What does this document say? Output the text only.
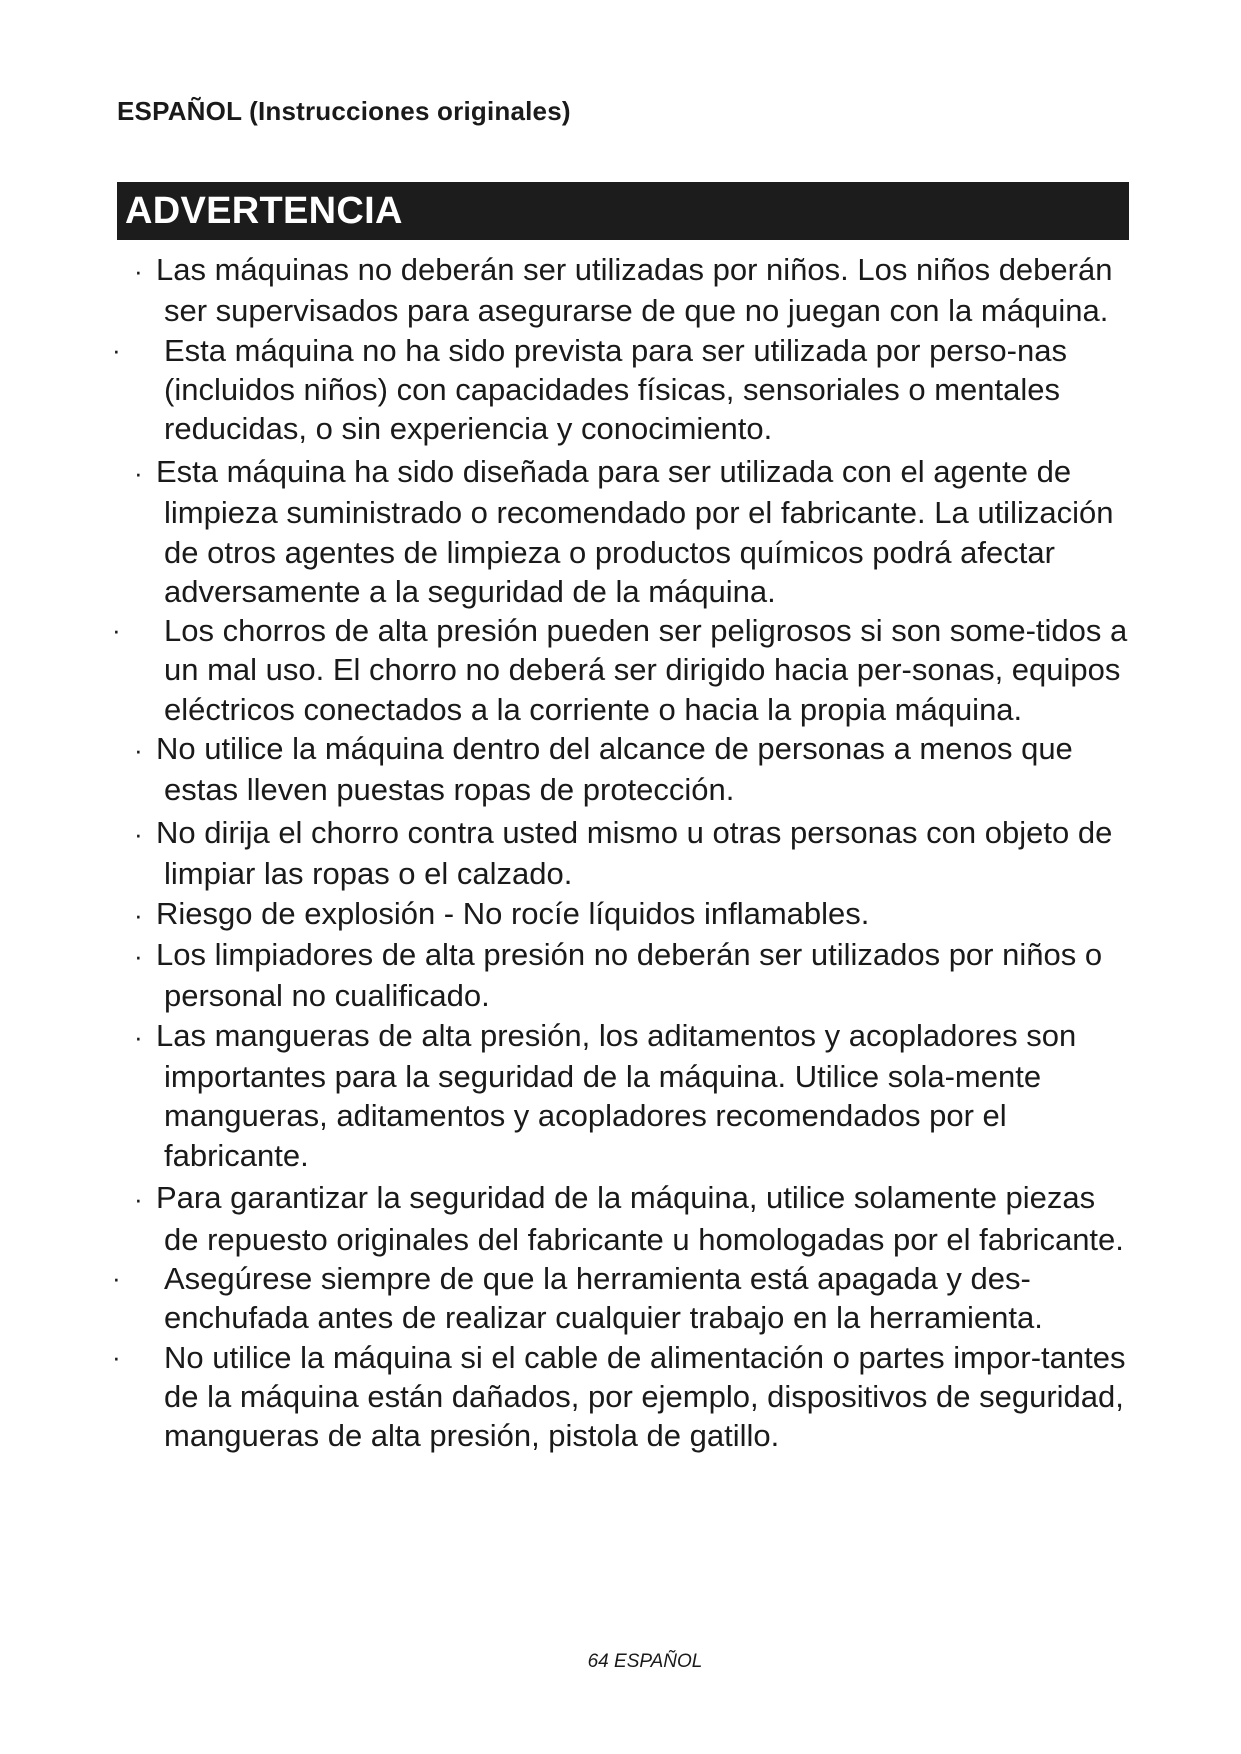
ESPAÑOL (Instrucciones originales)
ADVERTENCIA
· Las máquinas no deberán ser utilizadas por niños. Los niños deberán ser supervisados para asegurarse de que no juegan con la máquina.
·	Esta máquina no ha sido prevista para ser utilizada por perso-nas (incluidos niños) con capacidades físicas, sensoriales o mentales reducidas, o sin experiencia y conocimiento.
· Esta máquina ha sido diseñada para ser utilizada con el agente de limpieza suministrado o recomendado por el fabricante. La utilización de otros agentes de limpieza o productos químicos podrá afectar adversamente a la seguridad de la máquina.
·	Los chorros de alta presión pueden ser peligrosos si son some-tidos a un mal uso. El chorro no deberá ser dirigido hacia per-sonas, equipos eléctricos conectados a la corriente o hacia la propia máquina.
· No utilice la máquina dentro del alcance de personas a menos que estas lleven puestas ropas de protección.
· No dirija el chorro contra usted mismo u otras personas con objeto de limpiar las ropas o el calzado.
· Riesgo de explosión - No rocíe líquidos inflamables.
· Los limpiadores de alta presión no deberán ser utilizados por niños o personal no cualificado.
· Las mangueras de alta presión, los aditamentos y acopladores son importantes para la seguridad de la máquina. Utilice sola-mente mangueras, aditamentos y acopladores recomendados por el fabricante.
· Para garantizar la seguridad de la máquina, utilice solamente piezas de repuesto originales del fabricante u homologadas por el fabricante.
·	Asegúrese siempre de que la herramienta está apagada y des-enchufada antes de realizar cualquier trabajo en la herramienta.
·	No utilice la máquina si el cable de alimentación o partes impor-tantes de la máquina están dañados, por ejemplo, dispositivos de seguridad, mangueras de alta presión, pistola de gatillo.
64 ESPAÑOL
